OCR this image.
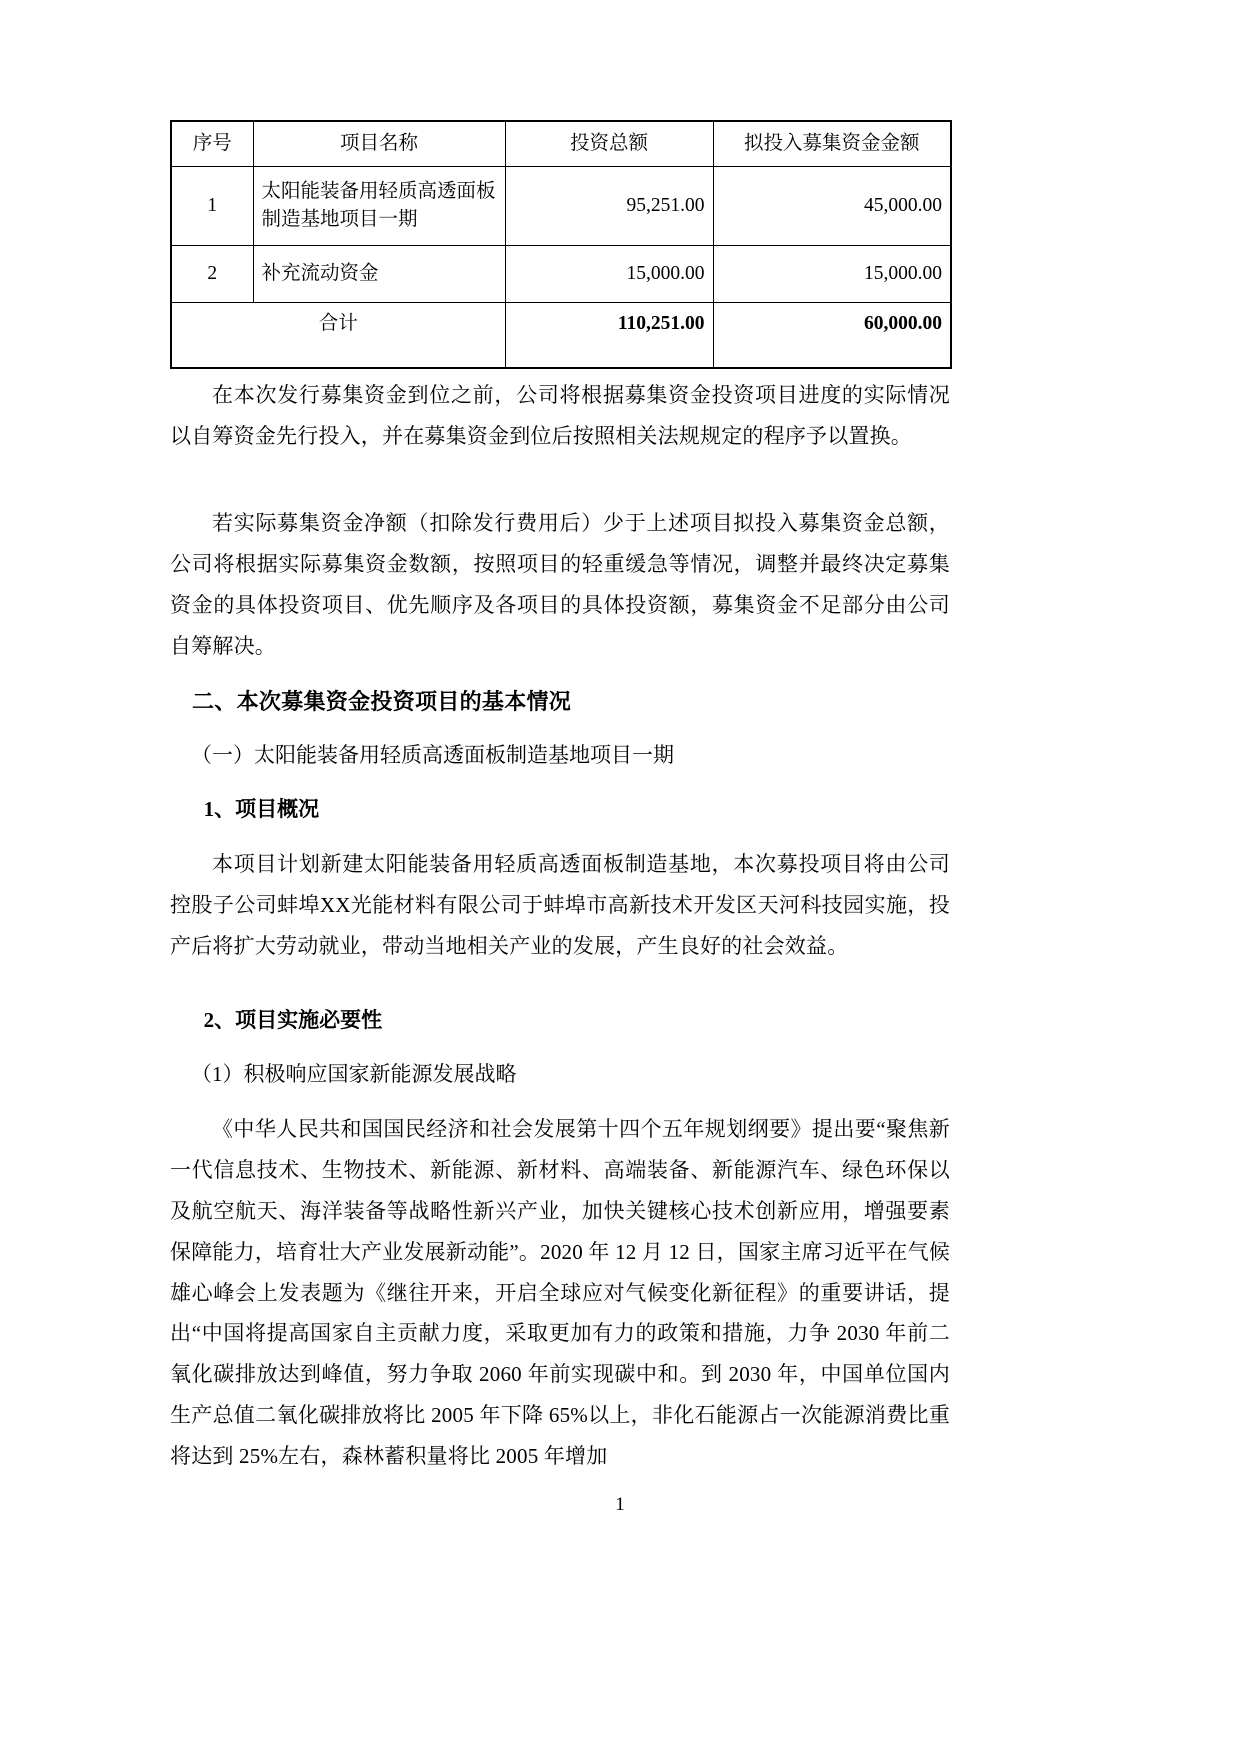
序号	项目名称	投资总额	拟投入募集资金金额
1	太阳能装备用轻质高透面板制造基地项目一期	95,251.00	45,000.00
2	补充流动资金	15,000.00	15,000.00
合计		110,251.00	60,000.00

在本次发行募集资金到位之前，公司将根据募集资金投资项目进度的实际情况以自筹资金先行投入，并在募集资金到位后按照相关法规规定的程序予以置换。

若实际募集资金净额（扣除发行费用后）少于上述项目拟投入募集资金总额，公司将根据实际募集资金数额，按照项目的轻重缓急等情况，调整并最终决定募集资金的具体投资项目、优先顺序及各项目的具体投资额，募集资金不足部分由公司自筹解决。

二、本次募集资金投资项目的基本情况
（一）太阳能装备用轻质高透面板制造基地项目一期
1、项目概况

本项目计划新建太阳能装备用轻质高透面板制造基地，本次募投项目将由公司控股子公司蚌埠XX光能材料有限公司于蚌埠市高新技术开发区天河科技园实施，投产后将扩大劳动就业，带动当地相关产业的发展，产生良好的社会效益。

2、项目实施必要性
（1）积极响应国家新能源发展战略

《中华人民共和国国民经济和社会发展第十四个五年规划纲要》提出要“聚焦新一代信息技术、生物技术、新能源、新材料、高端装备、新能源汽车、绿色环保以及航空航天、海洋装备等战略性新兴产业，加快关键核心技术创新应用，增强要素保障能力，培育壮大产业发展新动能”。2020 年 12 月 12 日，国家主席习近平在气候雄心峰会上发表题为《继往开来，开启全球应对气候变化新征程》的重要讲话，提出“中国将提高国家自主贡献力度，采取更加有力的政策和措施，力争 2030 年前二氧化碳排放达到峰值，努力争取 2060 年前实现碳中和。到 2030 年，中国单位国内生产总值二氧化碳排放将比 2005 年下降 65%以上，非化石能源占一次能源消费比重将达到 25%左右，森林蓄积量将比 2005 年增加

1
